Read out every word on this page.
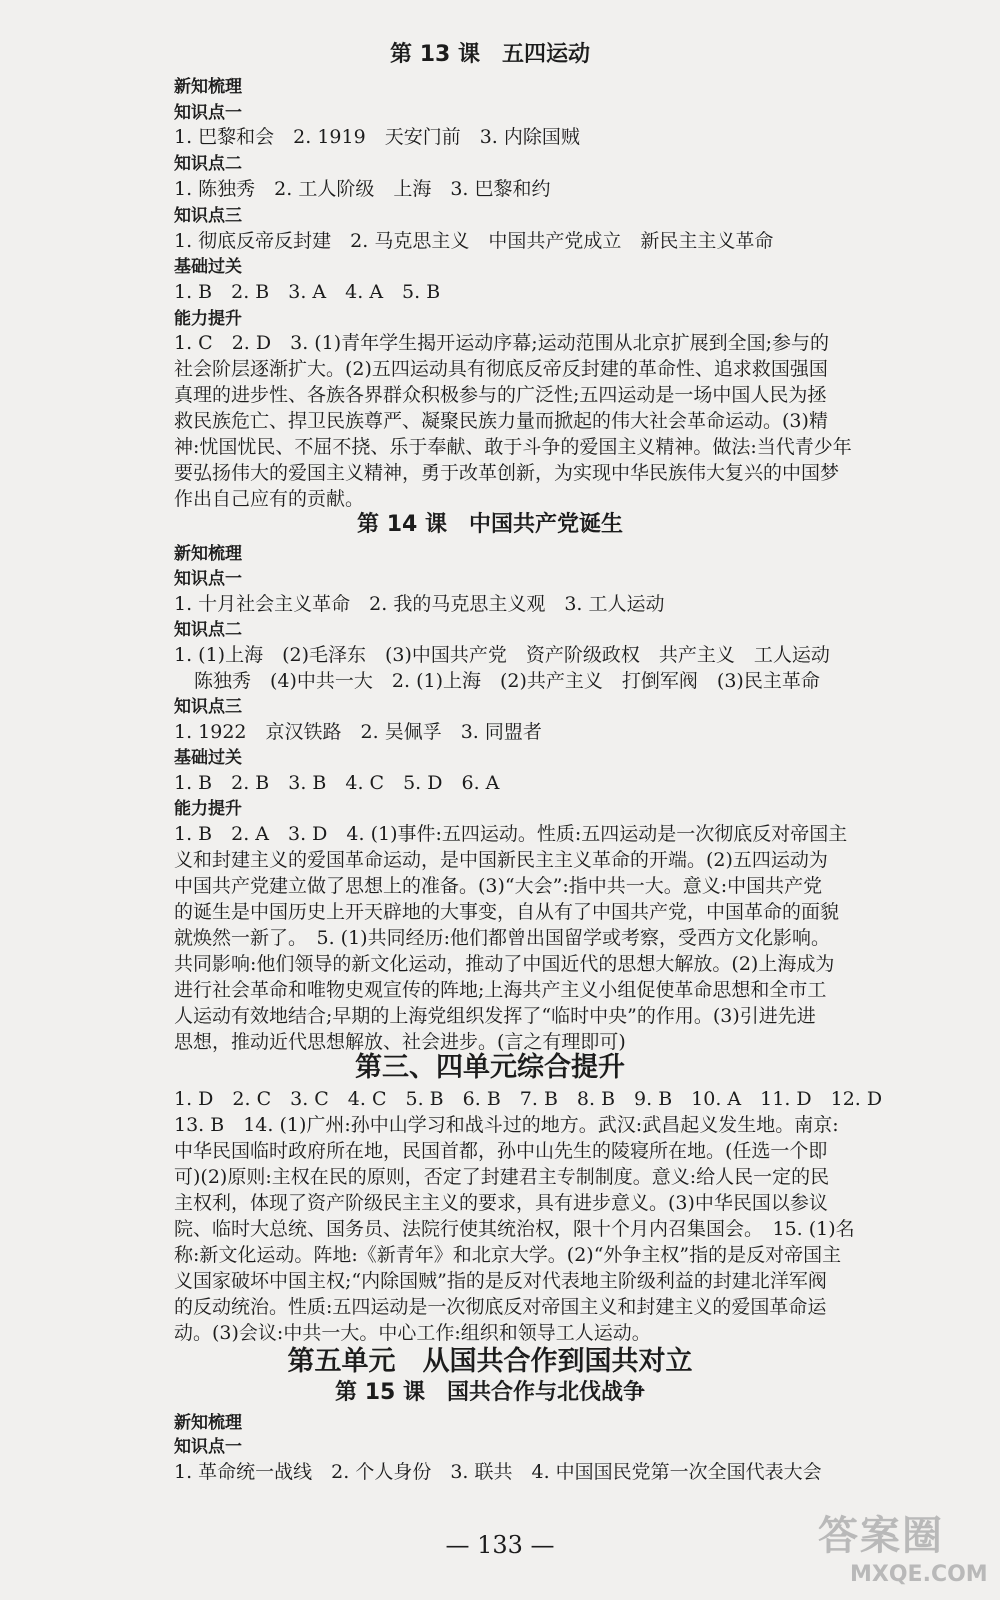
第 13 课　五四运动
新知梳理
知识点一
1. 巴黎和会　2. 1919　天安门前　3. 内除国贼
知识点二
1. 陈独秀　2. 工人阶级　上海　3. 巴黎和约
知识点三
1. 彻底反帝反封建　2. 马克思主义　中国共产党成立　新民主主义革命
基础过关
1. B　2. B　3. A　4. A　5. B
能力提升
1. C　2. D　3. (1)青年学生揭开运动序幕;运动范围从北京扩展到全国;参与的
社会阶层逐渐扩大。(2)五四运动具有彻底反帝反封建的革命性、追求救国强国
真理的进步性、各族各界群众积极参与的广泛性;五四运动是一场中国人民为拯
救民族危亡、捍卫民族尊严、凝聚民族力量而掀起的伟大社会革命运动。(3)精
神:忧国忧民、不屈不挠、乐于奉献、敢于斗争的爱国主义精神。做法:当代青少年
要弘扬伟大的爱国主义精神，勇于改革创新，为实现中华民族伟大复兴的中国梦
作出自己应有的贡献。
第 14 课　中国共产党诞生
新知梳理
知识点一
1. 十月社会主义革命　2. 我的马克思主义观　3. 工人运动
知识点二
1. (1)上海　(2)毛泽东　(3)中国共产党　资产阶级政权　共产主义　工人运动
陈独秀　(4)中共一大　2. (1)上海　(2)共产主义　打倒军阀　(3)民主革命
知识点三
1. 1922　京汉铁路　2. 吴佩孚　3. 同盟者
基础过关
1. B　2. B　3. B　4. C　5. D　6. A
能力提升
1. B　2. A　3. D　4. (1)事件:五四运动。性质:五四运动是一次彻底反对帝国主
义和封建主义的爱国革命运动，是中国新民主主义革命的开端。(2)五四运动为
中国共产党建立做了思想上的准备。(3)“大会”:指中共一大。意义:中国共产党
的诞生是中国历史上开天辟地的大事变，自从有了中国共产党，中国革命的面貌
就焕然一新了。　5. (1)共同经历:他们都曾出国留学或考察，受西方文化影响。
共同影响:他们领导的新文化运动，推动了中国近代的思想大解放。(2)上海成为
进行社会革命和唯物史观宣传的阵地;上海共产主义小组促使革命思想和全市工
人运动有效地结合;早期的上海党组织发挥了“临时中央”的作用。(3)引进先进
思想，推动近代思想解放、社会进步。(言之有理即可)
第三、四单元综合提升
1. D　2. C　3. C　4. C　5. B　6. B　7. B　8. B　9. B　10. A　11. D　12. D
13. B　14. (1)广州:孙中山学习和战斗过的地方。武汉:武昌起义发生地。南京:
中华民国临时政府所在地，民国首都，孙中山先生的陵寝所在地。(任选一个即
可)(2)原则:主权在民的原则，否定了封建君主专制制度。意义:给人民一定的民
主权利，体现了资产阶级民主主义的要求，具有进步意义。(3)中华民国以参议
院、临时大总统、国务员、法院行使其统治权，限十个月内召集国会。　15. (1)名
称:新文化运动。阵地:《新青年》和北京大学。(2)“外争主权”指的是反对帝国主
义国家破坏中国主权;“内除国贼”指的是反对代表地主阶级利益的封建北洋军阀
的反动统治。性质:五四运动是一次彻底反对帝国主义和封建主义的爱国革命运
动。(3)会议:中共一大。中心工作:组织和领导工人运动。
第五单元　从国共合作到国共对立
第 15 课　国共合作与北伐战争
新知梳理
知识点一
1. 革命统一战线　2. 个人身份　3. 联共　4. 中国国民党第一次全国代表大会
— 133 —	答案圈
MXQE.COM
